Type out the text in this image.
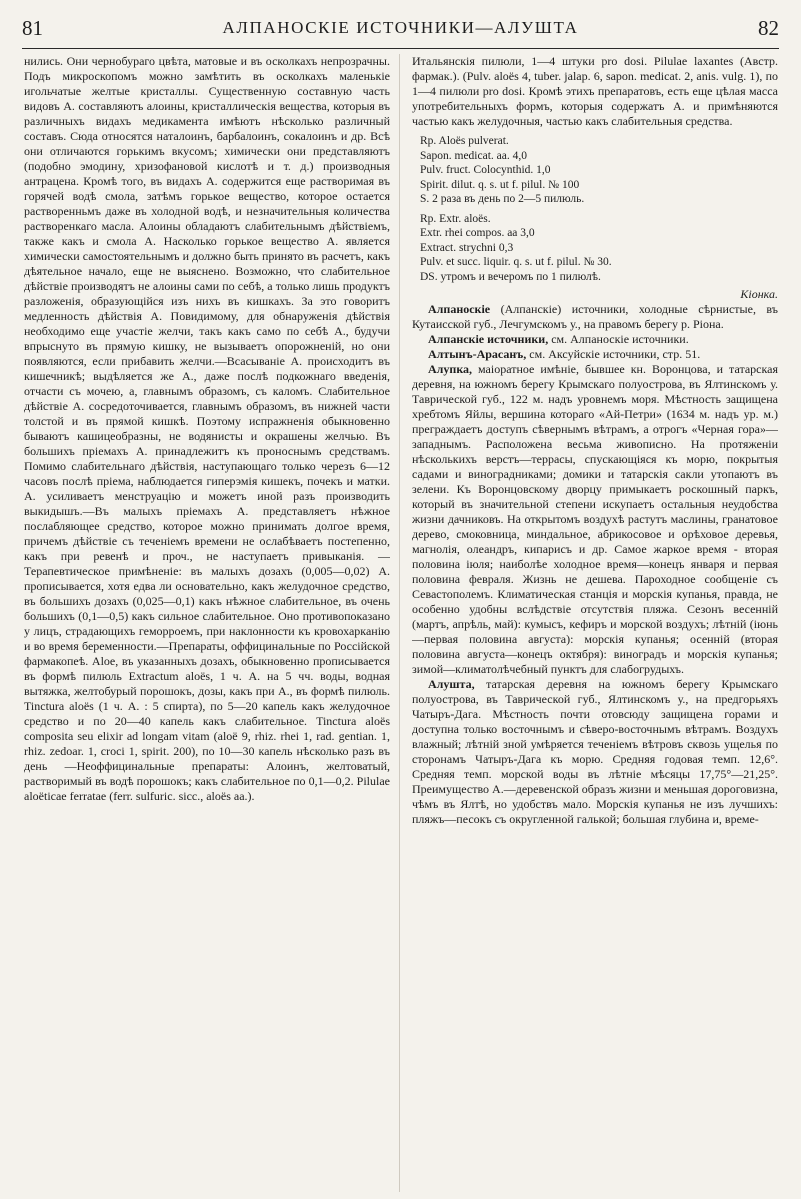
81	АЛПАНОСКІЕ ИСТОЧНИКИ—АЛУШТА	82

нились. Они чернобураго цвѣта, матовые и въ осколкахъ непрозрачны. Подъ микроскопомъ можно замѣтить въ осколкахъ маленькіе игольчатые желтые кристаллы. Существенную составную часть видовъ А. составляютъ алоины, кристаллическія вещества, которыя въ различныхъ видахъ медикамента имѣютъ нѣсколько различный составъ. Сюда относятся наталоинъ, барбалоинъ, сокалоинъ и др. Всѣ они отличаются горькимъ вкусомъ; химически они представляютъ (подобно эмодину, хризофановой кислотѣ и т. д.) производныя антрацена. Кромѣ того, въ видахъ А. содержится еще растворимая въ горячей водѣ смола, затѣмъ горькое вещество, которое остается растворенньмъ даже въ холодной водѣ, и незначительныя количества растворенкаго масла. Алоины обладаютъ слабительнымъ дѣйствіемъ, также какъ и смола А. Насколько горькое вещество А. является химически самостоятельнымъ и должно быть принято въ расчетъ, какъ дѣятельное начало, еще не выяснено. Возможно, что слабительное дѣйствіе производятъ не алоины сами по себѣ, а только лишь продуктъ разложенія, образующійся изъ нихъ въ кишкахъ. За это говоритъ медленность дѣйствія А. Повидимому, для обнаруженія дѣйствія необходимо еще участіе желчи, такъ какъ само по себѣ А., будучи впрыснуто въ прямую кишку, не вызываетъ опорожненій, но они появляются, если прибавить желчи.—Всасываніе А. происходитъ въ кишечникѣ; выдѣляется же А., даже послѣ подкожнаго введенія, отчасти съ мочею, а, главнымъ образомъ, съ каломъ. Слабительное дѣйствіе А. сосредоточивается, главнымъ образомъ, въ нижней части толстой и въ прямой кишкѣ. Поэтому испражненія обыкновенно бываютъ кашицеобразны, не водянисты и окрашены желчью. Въ большихъ пріемахъ А. принадлежитъ къ проноснымъ средствамъ. Помимо слабительнаго дѣйствія, наступающаго только черезъ 6—12 часовъ послѣ пріема, наблюдается гиперэмія кишекъ, почекъ и матки. А. усиливаетъ менструацію и можетъ иной разъ производить выкидышъ.—Въ малыхъ пріемахъ А. представляетъ нѣжное послабляющее средство, которое можно принимать долгое время, причемъ дѣйствіе съ теченіемъ времени не ослабѣваетъ постепенно, какъ при ревенѣ и проч., не наступаетъ привыканія. — Терапевтическое примѣненіе: въ малыхъ дозахъ (0,005—0,02) А. прописывается, хотя едва ли основательно, какъ желудочное средство, въ большихъ дозахъ (0,025—0,1) какъ нѣжное слабительное, въ очень большихъ (0,1—0,5) какъ сильное слабительное. Оно противопоказано у лицъ, страдающихъ геморроемъ, при наклонности къ кровохарканію и во время беременности.—Препараты, оффицинальные по Россійской фармакопеѣ. Aloe, въ указанныхъ дозахъ, обыкновенно прописывается въ формѣ пилюль Extractum aloës, 1 ч. А. на 5 чч. воды, водная вытяжка, желтобурый порошокъ, дозы, какъ при А., въ формѣ пилюль. Tinctura aloës (1 ч. А. : 5 спирта), по 5—20 капель какъ желудочное средство и по 20—40 капель какъ слабительное. Tinctura aloës composita seu elixir ad longam vitam (aloë 9, rhiz. rhei 1, rad. gentian. 1, rhiz. zedoar. 1, croci 1, spirit. 200), по 10—30 капель нѣсколько разъ въ день —Неоффицинальные препараты: Алоинъ, желтоватый, растворимый въ водѣ порошокъ; какъ слабительное по 0,1—0,2. Pilulae aloëticae ferratae (ferr. sulfuric. sicc., aloës aa.).

Итальянскія пилюли, 1—4 штуки pro dosi. Pilulae laxantes (Австр. фармак.). (Pulv. aloës 4, tuber. jalap. 6, sapon. medicat. 2, anis. vulg. 1), по 1—4 пилюли pro dosi. Кромѣ этихъ препаратовъ, есть еще цѣлая масса употребительныхъ формъ, которыя содержатъ А. и примѣняются частью какъ желудочныя, частью какъ слабительныя средства.

Rp. Aloës pulverat.
Sapon. medicat. aa. 4,0
Pulv. fruct. Colocynthid. 1,0
Spirit. dilut. q. s. ut f. pilul. № 100
S. 2 раза въ день по 2—5 пилюль.

Rp. Extr. aloës.
Extr. rhei compos. aa 3,0
Extract. strychni 0,3
Pulv. et succ. liquir. q. s. ut f. pilul. № 30.
DS. утромъ и вечеромъ по 1 пилюлѣ.

Кіонка.

Алпаноскіе (Алпанскіе) источники, холодные сѣрнистые, въ Кутаисской губ., Лечгумскомъ у., на правомъ берегу р. Ріона.

Алпанскіе источники, см. Алпаноскіе источники.

Алтынъ-Арасанъ, см. Аксуйскіе источники, стр. 51.

Алупка, маіоратное имѣніе, бывшее кн. Воронцова, и татарская деревня, на южномъ берегу Крымскаго полуострова, въ Ялтинскомъ у. Таврической губ., 122 м. надъ уровнемъ моря. Мѣстность защищена хребтомъ Яйлы, вершина котораго «Ай-Петри» (1634 м. надъ ур. м.) преграждаетъ доступъ сѣвернымъ вѣтрамъ, а отрогъ «Черная гора»—западнымъ. Расположена весьма живописно. На протяженіи нѣсколькихъ верстъ—террасы, спускающіяся къ морю, покрытыя садами и виноградниками; домики и татарскія сакли утопаютъ въ зелени. Къ Воронцовскому дворцу примыкаетъ роскошный паркъ, который въ значительной степени искупаетъ остальныя неудобства жизни дачниковъ. На открытомъ воздухѣ растутъ маслины, гранатовое дерево, смоковница, миндальное, абрикосовое и орѣховое деревья, магнолія, олеандръ, кипарисъ и др. Самое жаркое время - вторая половина іюля; наиболѣе холодное время—конецъ января и первая половина февраля. Жизнь не дешева. Пароходное сообщеніе съ Севастополемъ. Климатическая станція и морскія купанья, правда, не особенно удобны вслѣдствіе отсутствія пляжа. Сезонъ весенній (мартъ, апрѣль, май): кумысъ, кефиръ и морской воздухъ; лѣтній (іюнь—первая половина августа): морскія купанья; осенній (вторая половина августа—конецъ октября): виноградъ и морскія купанья; зимой—климатолѣчебный пунктъ для слабогрудыхъ.

Алушта, татарская деревня на южномъ берегу Крымскаго полуострова, въ Таврической губ., Ялтинскомъ у., на предгорьяхъ Чатыръ-Дага. Мѣстность почти отовсюду защищена горами и доступна только восточнымъ и сѣверо-восточнымъ вѣтрамъ. Воздухъ влажный; лѣтній зной умѣряется теченіемъ вѣтровъ сквозь ущелья по сторонамъ Чатыръ-Дага къ морю. Средняя годовая темп. 12,6°. Средняя темп. морской воды въ лѣтніе мѣсяцы 17,75°—21,25°. Преимущество А.—деревенской образъ жизни и меньшая дороговизна, чѣмъ въ Ялтѣ, но удобствъ мало. Морскія купанья не изъ лучшихъ: пляжъ—песокъ съ округленной галькой; большая глубина и, време-
